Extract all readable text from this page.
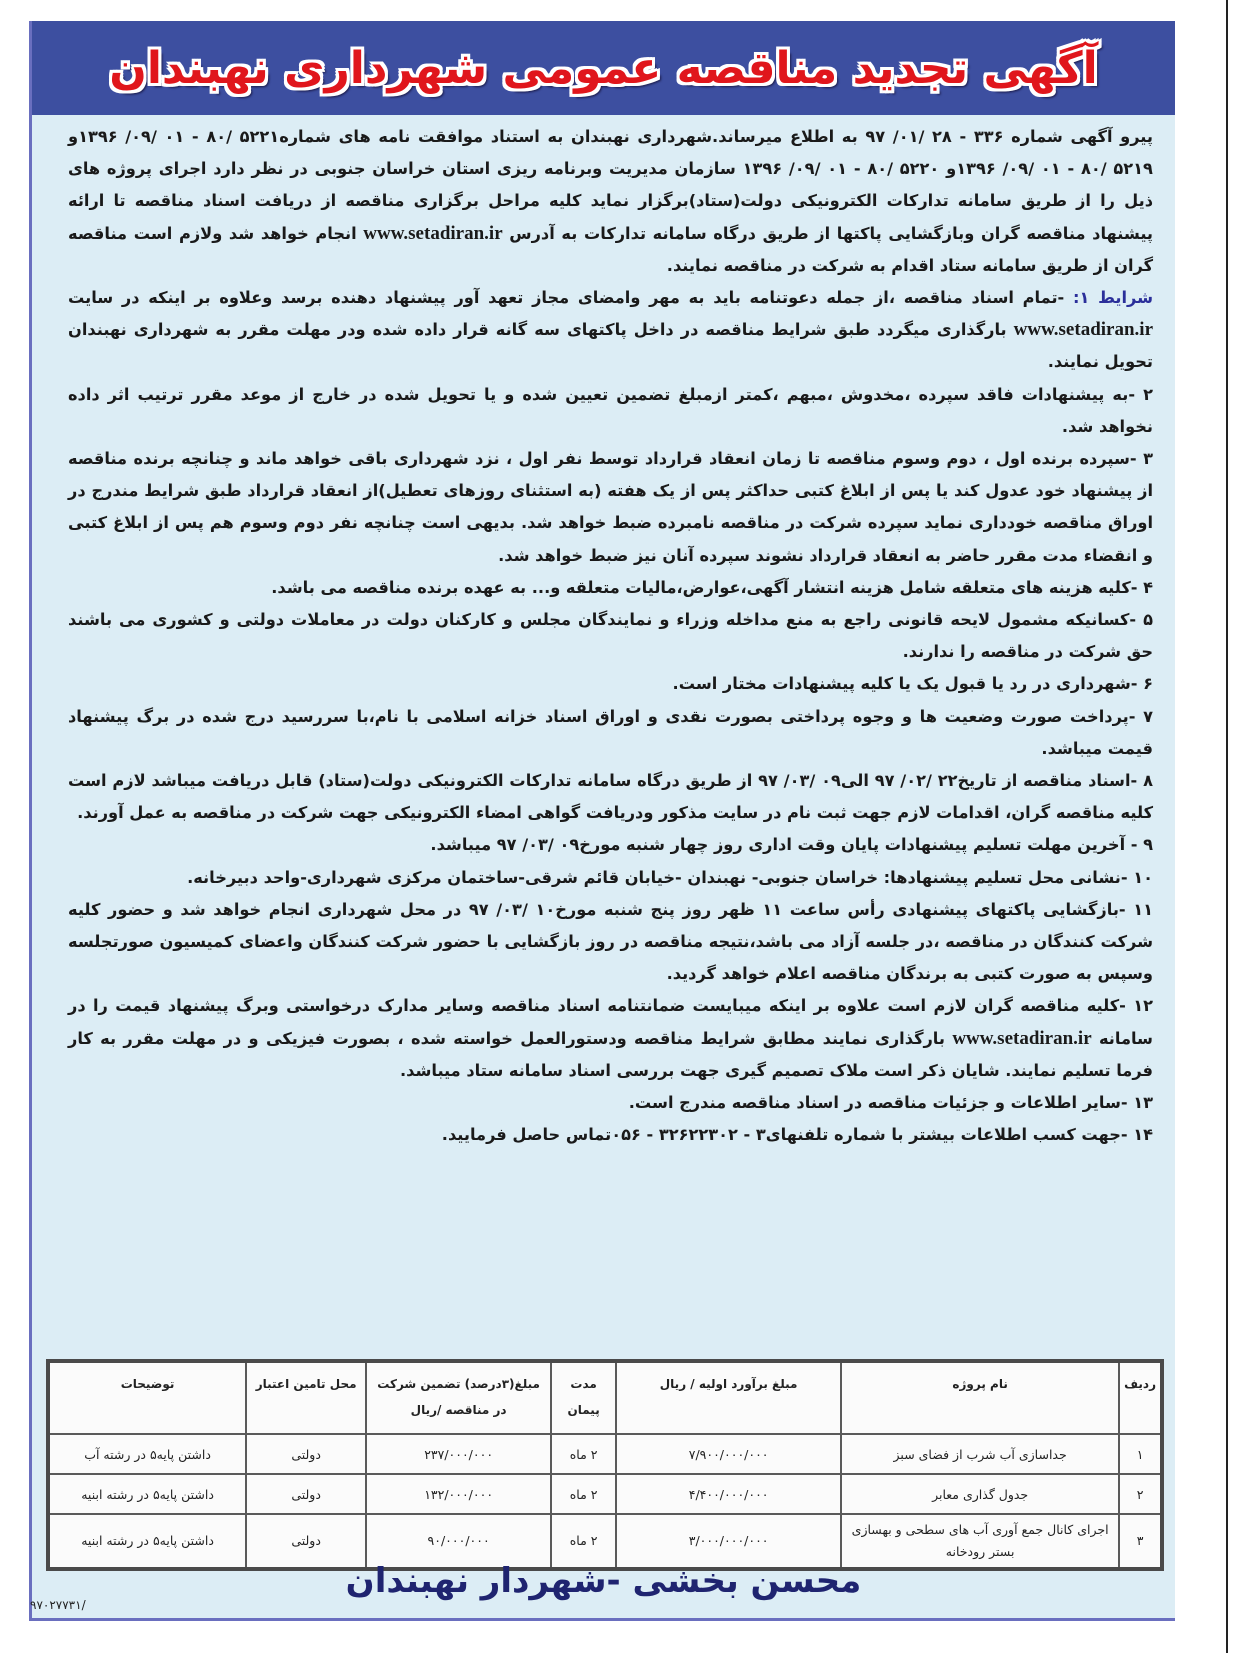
آگهی تجدید مناقصه عمومی شهرداری نهبندان

پیرو آگهی شماره ۳۳۶ - ۲۸ /۰۱/ ۹۷ به اطلاع میرساند.شهرداری نهبندان به استناد موافقت نامه های شماره۵۲۲۱ /۸۰ - ۰۱ /۰۹/ ۱۳۹۶و ۵۲۱۹ /۸۰ - ۰۱ /۰۹/ ۱۳۹۶و ۵۲۲۰ /۸۰ - ۰۱ /۰۹/ ۱۳۹۶ سازمان مدیریت وبرنامه ریزی استان خراسان جنوبی در نظر دارد اجرای پروژه های ذیل را از طریق سامانه تدارکات الکترونیکی دولت(ستاد)برگزار نماید کلیه مراحل برگزاری مناقصه از دریافت اسناد مناقصه تا ارائه پیشنهاد مناقصه گران وبازگشایی پاکتها از طریق درگاه سامانه تدارکات به آدرس www.setadiran.ir انجام خواهد شد ولازم است مناقصه گران از طریق سامانه ستاد اقدام به شرکت در مناقصه نمایند.

شرایط ۱: -تمام اسناد مناقصه ،از جمله دعوتنامه باید به مهر وامضای مجاز تعهد آور پیشنهاد دهنده برسد وعلاوه بر اینکه در سایت www.setadiran.ir بارگذاری میگردد طبق شرایط مناقصه در داخل پاکتهای سه گانه قرار داده شده ودر مهلت مقرر به شهرداری نهبندان تحویل نمایند.

۲ -به پیشنهادات فاقد سپرده ،مخدوش ،مبهم ،کمتر ازمبلغ تضمین تعیین شده و یا تحویل شده در خارج از موعد مقرر ترتیب اثر داده نخواهد شد.

۳ -سپرده برنده اول ، دوم وسوم مناقصه تا زمان انعقاد قرارداد توسط نفر اول ، نزد شهرداری باقی خواهد ماند و چنانچه برنده مناقصه از پیشنهاد خود عدول کند یا پس از ابلاغ کتبی حداکثر پس از یک هفته (به استثنای روزهای تعطیل)از انعقاد قرارداد طبق شرایط مندرج در اوراق مناقصه خودداری نماید سپرده شرکت در مناقصه نامبرده ضبط خواهد شد. بدیهی است چنانچه نفر دوم وسوم هم پس از ابلاغ کتبی و انقضاء مدت مقرر حاضر به انعقاد قرارداد نشوند سپرده آنان نیز ضبط خواهد شد.

۴ -کلیه هزینه های متعلقه شامل هزینه انتشار آگهی،عوارض،مالیات متعلقه و... به عهده برنده مناقصه می باشد.

۵ -کسانیکه مشمول لایحه قانونی راجع به منع مداخله وزراء و نمایندگان مجلس و کارکنان دولت در معاملات دولتی و کشوری می باشند حق شرکت در مناقصه را ندارند.

۶ -شهرداری در رد یا قبول یک یا کلیه پیشنهادات مختار است.

۷ -پرداخت صورت وضعیت ها و وجوه پرداختی بصورت نقدی و اوراق اسناد خزانه اسلامی با نام،با سررسید درج شده در برگ پیشنهاد قیمت میباشد.

۸ -اسناد مناقصه از تاریخ۲۲ /۰۲/ ۹۷ الی۰۹ /۰۳/ ۹۷ از طریق درگاه سامانه تدارکات الکترونیکی دولت(ستاد) قابل دریافت میباشد لازم است کلیه مناقصه گران، اقدامات لازم جهت ثبت نام در سایت مذکور ودریافت گواهی امضاء الکترونیکی جهت شرکت در مناقصه به عمل آورند.

۹ - آخرین مهلت تسلیم پیشنهادات پایان وقت اداری روز چهار شنبه مورخ۰۹ /۰۳/ ۹۷ میباشد.

۱۰ -نشانی محل تسلیم پیشنهادها: خراسان جنوبی- نهبندان -خیابان قائم شرقی-ساختمان مرکزی شهرداری-واحد دبیرخانه.

۱۱ -بازگشایی پاکتهای پیشنهادی رأس ساعت ۱۱ ظهر روز پنج شنبه مورخ۱۰ /۰۳/ ۹۷ در محل شهرداری انجام خواهد شد و حضور کلیه شرکت کنندگان در مناقصه ،در جلسه آزاد می باشد،نتیجه مناقصه در روز بازگشایی با حضور شرکت کنندگان واعضای کمیسیون صورتجلسه وسپس به صورت کتبی به برندگان مناقصه اعلام خواهد گردید.

۱۲ -کلیه مناقصه گران لازم است علاوه بر اینکه میبایست ضمانتنامه اسناد مناقصه وسایر مدارک درخواستی وبرگ پیشنهاد قیمت را در سامانه www.setadiran.ir بارگذاری نمایند مطابق شرایط مناقصه ودستورالعمل خواسته شده ، بصورت فیزیکی و در مهلت مقرر به کار فرما تسلیم نمایند. شایان ذکر است ملاک تصمیم گیری جهت بررسی اسناد سامانه ستاد میباشد.

۱۳ -سایر اطلاعات و جزئیات مناقصه در اسناد مناقصه مندرج است.

۱۴ -جهت کسب اطلاعات بیشتر با شماره تلفنهای۳ - ۳۲۶۲۲۳۰۲ - ۰۵۶تماس حاصل فرمایید.

ردیف	نام پروژه	مبلغ برآورد اولیه / ریال	مدت پیمان	مبلغ(۳درصد) تضمین شرکت در مناقصه /ریال	محل تامین اعتبار	توضیحات
۱	جداسازی آب شرب از فضای سبز	۷/۹۰۰/۰۰۰/۰۰۰	۲ ماه	۲۳۷/۰۰۰/۰۰۰	دولتی	داشتن پایه۵ در رشته آب
۲	جدول گذاری معابر	۴/۴۰۰/۰۰۰/۰۰۰	۲ ماه	۱۳۲/۰۰۰/۰۰۰	دولتی	داشتن پایه۵ در رشته ابنیه
۳	اجرای کانال جمع آوری آب های سطحی و بهسازی بستر رودخانه	۳/۰۰۰/۰۰۰/۰۰۰	۲ ماه	۹۰/۰۰۰/۰۰۰	دولتی	داشتن پایه۵ در رشته ابنیه
محسن بخشی -شهردار نهبندان
۹۷۰۲۷۷۳۱/
